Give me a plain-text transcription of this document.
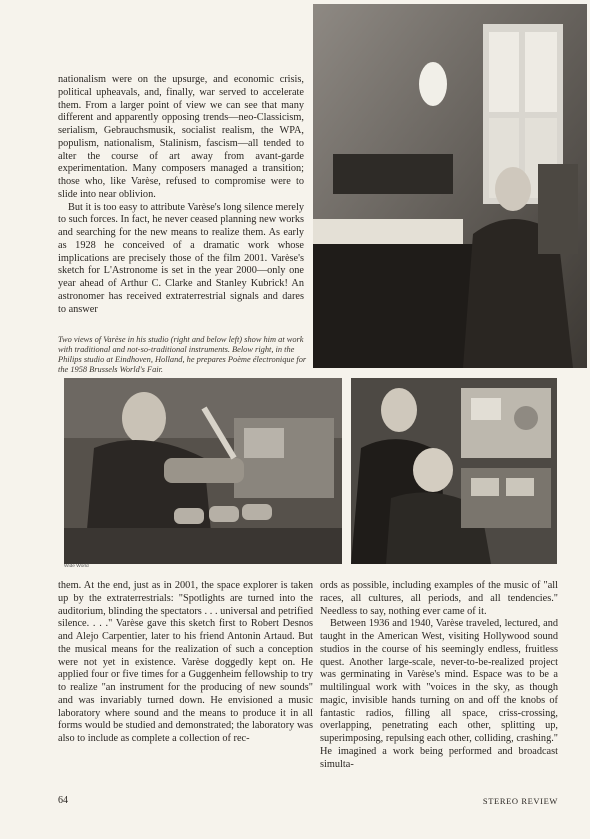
nationalism were on the upsurge, and economic crisis, political upheavals, and, finally, war served to accelerate them. From a larger point of view we can see that many different and apparently opposing trends—neo-Classicism, serialism, Gebrauchsmusik, socialist realism, the WPA, populism, nationalism, Stalinism, fascism—all tended to alter the course of art away from avant-garde experimentation. Many composers managed a transition; those who, like Varèse, refused to compromise were to slide into near oblivion.

But it is too easy to attribute Varèse's long silence merely to such forces. In fact, he never ceased planning new works and searching for the new means to realize them. As early as 1928 he conceived of a dramatic work whose implications are precisely those of the film 2001. Varèse's sketch for L'Astronome is set in the year 2000—only one year ahead of Arthur C. Clarke and Stanley Kubrick! An astronomer has received extraterrestrial signals and dares to answer

Two views of Varèse in his studio (right and below left) show him at work with traditional and not-so-traditional instruments. Below right, in the Philips studio at Eindhoven, Holland, he prepares Poème électronique for the 1958 Brussels World's Fair.
Wide World

them. At the end, just as in 2001, the space explorer is taken up by the extraterrestrials: "Spotlights are turned into the auditorium, blinding the spectators . . . universal and petrified silence. . . ." Varèse gave this sketch first to Robert Desnos and Alejo Carpentier, later to his friend Antonin Artaud. But the musical means for the realization of such a conception were not yet in existence. Varèse doggedly kept on. He applied four or five times for a Guggenheim fellowship to try to realize "an instrument for the producing of new sounds" and was invariably turned down. He envisioned a music laboratory where sound and the means to produce it in all forms would be studied and demonstrated; the laboratory was also to include as complete a collection of rec-

ords as possible, including examples of the music of "all races, all cultures, all periods, and all tendencies." Needless to say, nothing ever came of it.

Between 1936 and 1940, Varèse traveled, lectured, and taught in the American West, visiting Hollywood sound studios in the course of his seemingly endless, fruitless quest. Another large-scale, never-to-be-realized project was germinating in Varèse's mind. Espace was to be a multilingual work with "voices in the sky, as though magic, invisible hands turning on and off the knobs of fantastic radios, filling all space, criss-crossing, overlapping, penetrating each other, splitting up, superimposing, repulsing each other, colliding, crashing." He imagined a work being performed and broadcast simulta-

64	STEREO REVIEW
